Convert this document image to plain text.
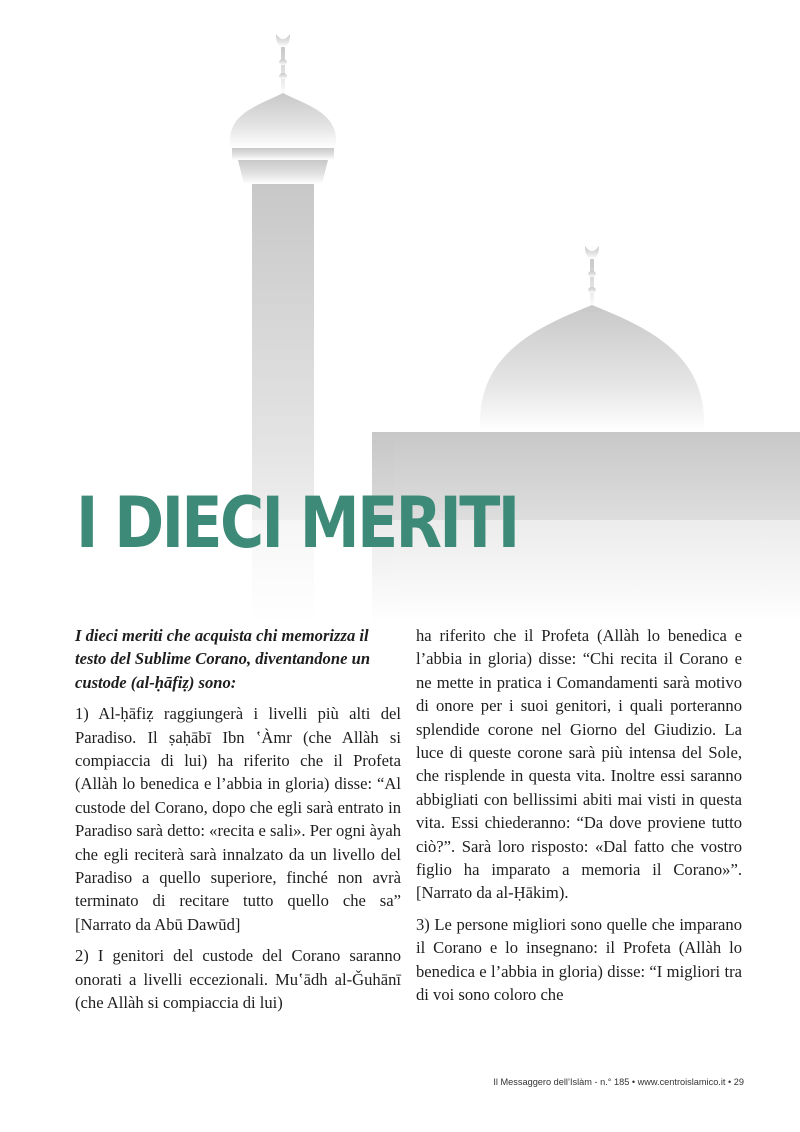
I DIECI MERITI

I dieci meriti che acquista chi memorizza il testo del Sublime Corano, diventandone un custode (al-ḥāfiẓ) sono:

1) Al-ḥāfiẓ raggiungerà i livelli più alti del Paradiso. Il ṣaḥābī Ibn ʽÀmr (che Allàh si compiaccia di lui) ha riferito che il Profeta (Allàh lo benedica e l’abbia in gloria) disse: “Al custode del Corano, dopo che egli sarà entrato in Paradiso sarà detto: «recita e sali». Per ogni àyah che egli reciterà sarà innalzato da un livello del Paradiso a quello superiore, finché non avrà terminato di recitare tutto quello che sa” [Narrato da Abū Dawūd]

2) I genitori del custode del Corano saranno onorati a livelli eccezionali. Muʽādh al-Ǧuhānī (che Allàh si compiaccia di lui)

ha riferito che il Profeta (Allàh lo benedica e l’abbia in gloria) disse: “Chi recita il Corano e ne mette in pratica i Comandamenti sarà motivo di onore per i suoi genitori, i quali porteranno splendide corone nel Giorno del Giudizio. La luce di queste corone sarà più intensa del Sole, che risplende in questa vita. Inoltre essi saranno abbigliati con bellissimi abiti mai visti in questa vita. Essi chiederanno: “Da dove proviene tutto ciò?”. Sarà loro risposto: «Dal fatto che vostro figlio ha imparato a memoria il Corano»”. [Narrato da al-Ḥākim).

3) Le persone migliori sono quelle che imparano il Corano e lo insegnano: il Profeta (Allàh lo benedica e l’abbia in gloria) disse: “I migliori tra di voi sono coloro che

Il Messaggero dell’Islàm - n.° 185 • www.centroislamico.it • 29
